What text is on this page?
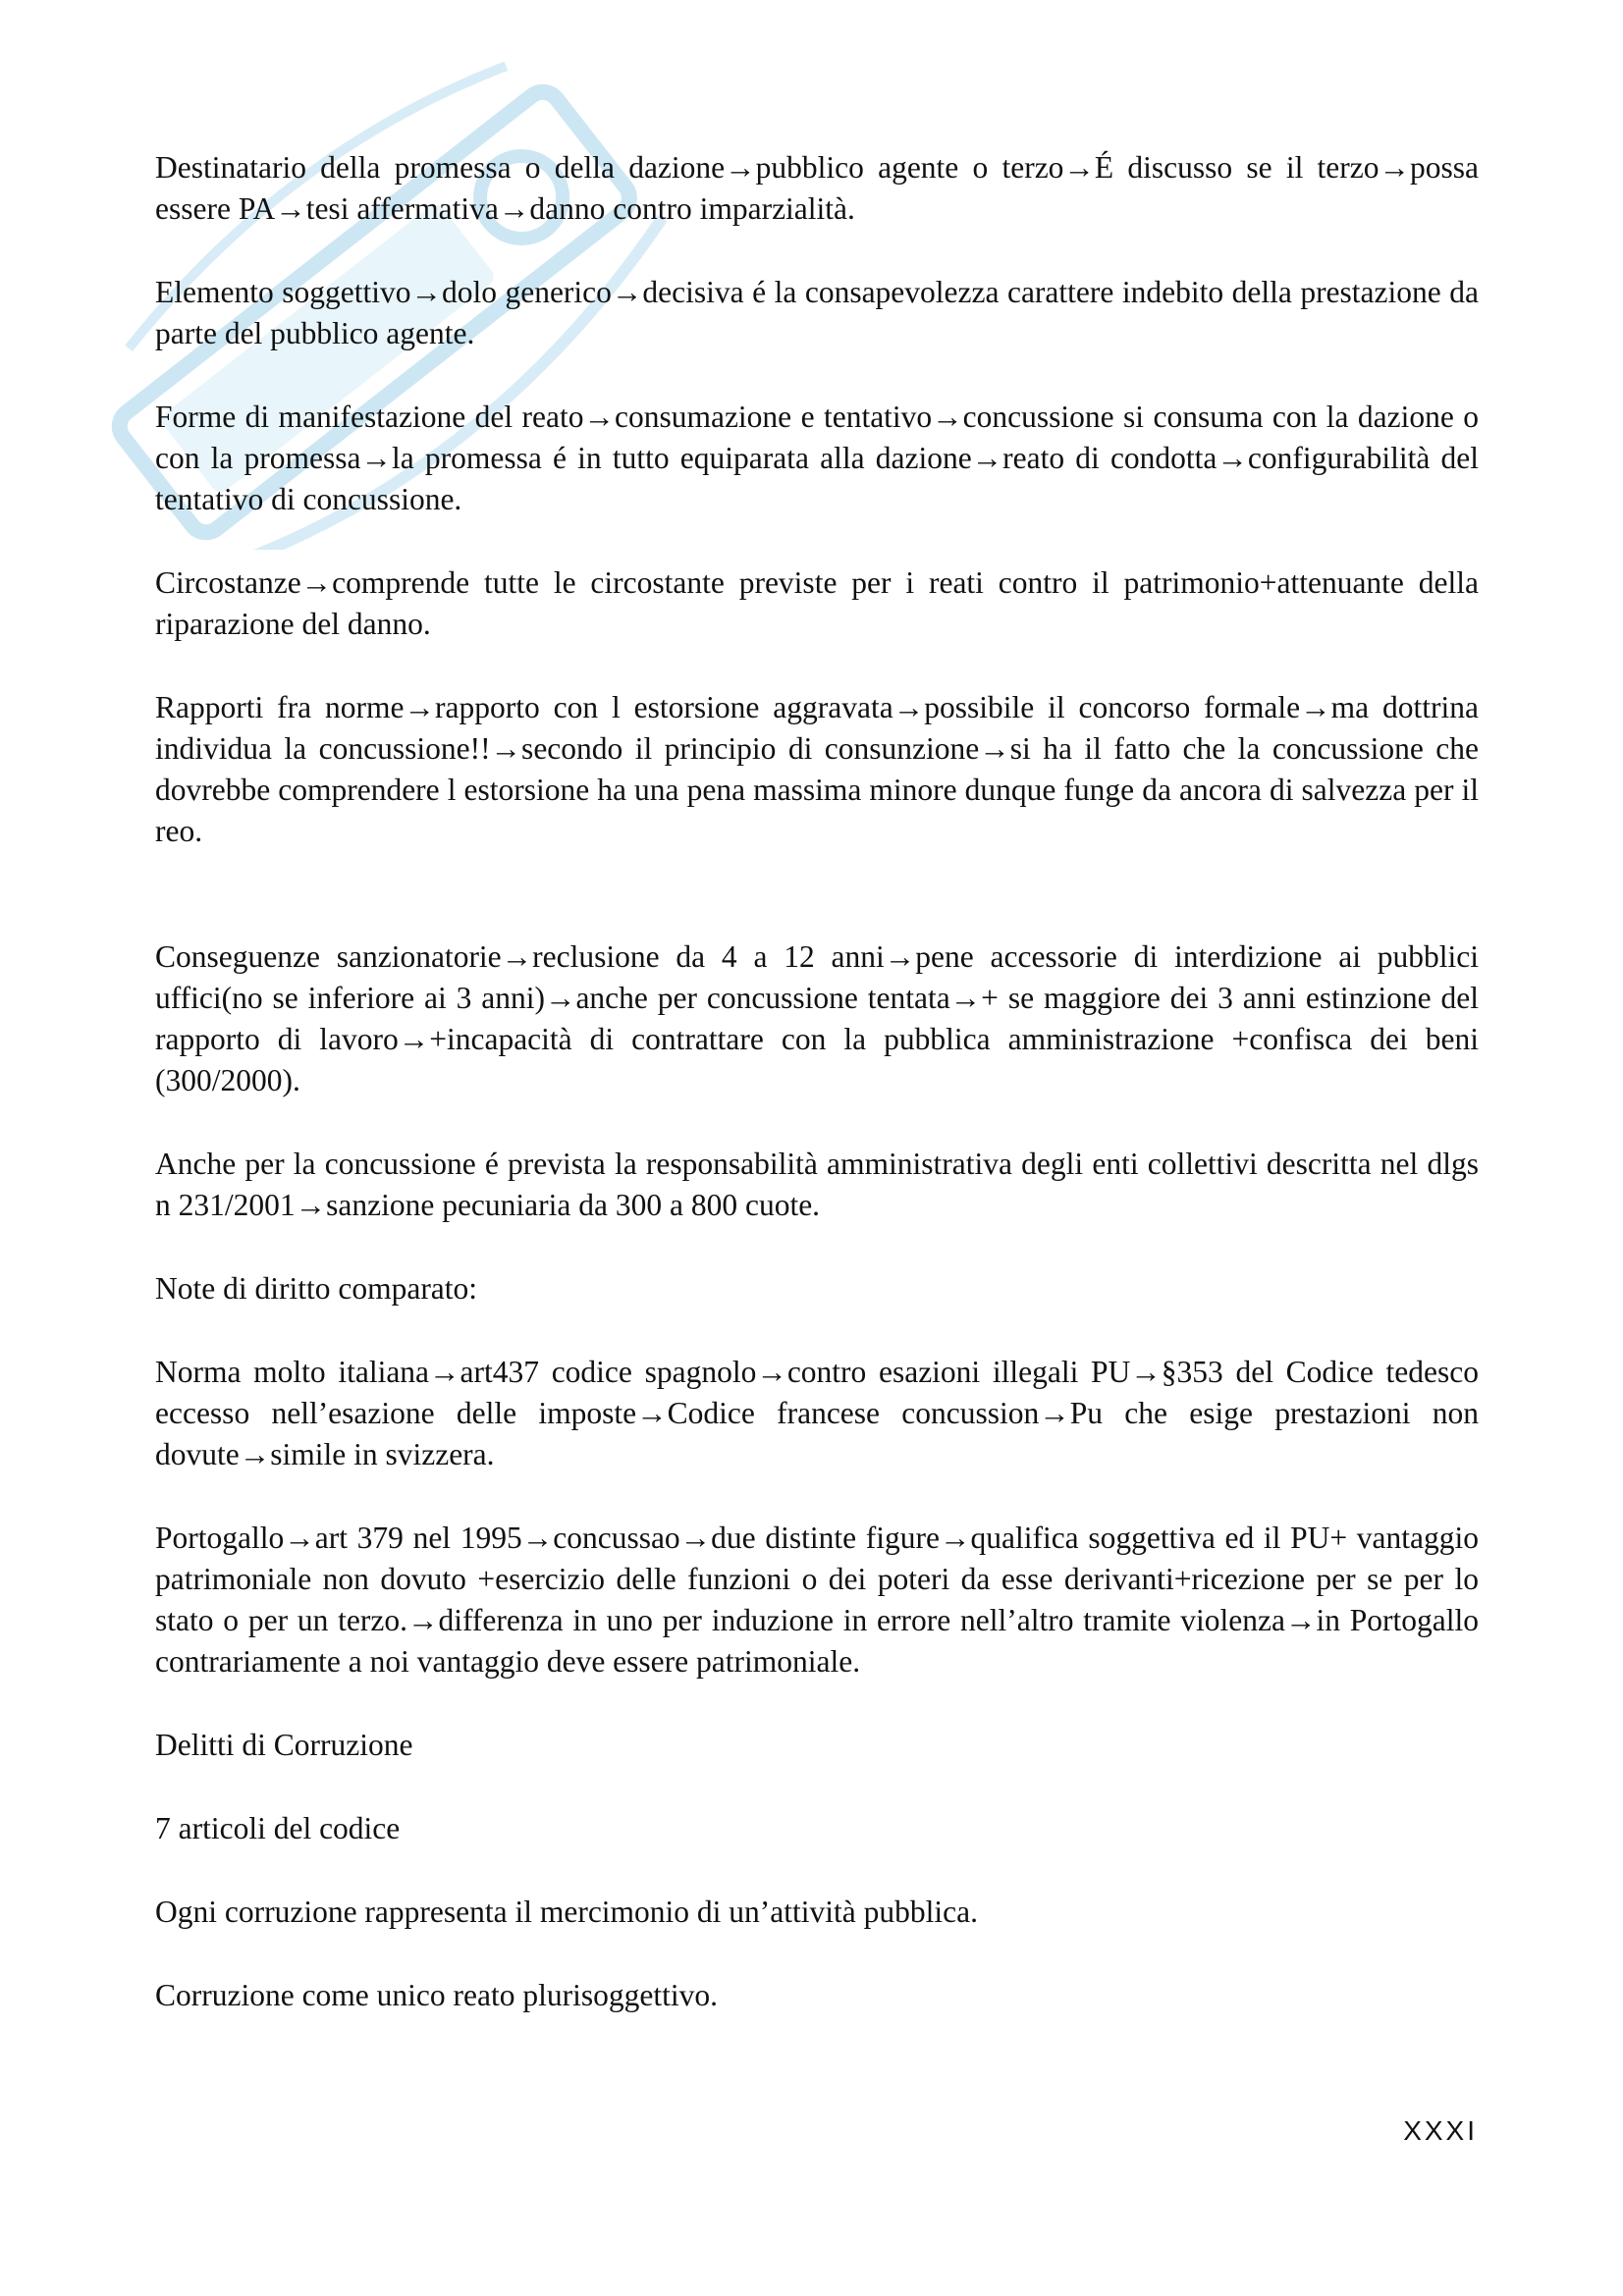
Destinatario della promessa o della dazione→pubblico agente o terzo→É discusso se il terzo→possa essere PA→tesi affermativa→danno contro imparzialità.

Elemento soggettivo→dolo generico→decisiva é la consapevolezza carattere indebito della prestazione da parte del pubblico agente.

Forme di manifestazione del reato→consumazione e tentativo→concussione si consuma con la dazione o con la promessa→la promessa é in tutto equiparata alla dazione→reato di condotta→configurabilità del tentativo di concussione.

Circostanze→comprende tutte le circostante previste per i reati contro il patrimonio+attenuante della riparazione del danno.

Rapporti fra norme→rapporto con l estorsione aggravata→possibile il concorso formale→ma dottrina individua la concussione!!→secondo il principio di consunzione→si ha il fatto che la concussione che dovrebbe comprendere l estorsione ha una pena massima minore dunque funge da ancora di salvezza per il reo.

Conseguenze sanzionatorie→reclusione da 4 a 12 anni→pene accessorie di interdizione ai pubblici uffici(no se inferiore ai 3 anni)→anche per concussione tentata→+ se maggiore dei 3 anni estinzione del rapporto di lavoro→+incapacità di contrattare con la pubblica amministrazione +confisca dei beni (300/2000).

Anche per la concussione é prevista la responsabilità amministrativa degli enti collettivi descritta nel dlgs n 231/2001→sanzione pecuniaria da 300 a 800 cuote.

Note di diritto comparato:

Norma molto italiana→art437 codice spagnolo→contro esazioni illegali PU→§353 del Codice tedesco eccesso nell’esazione delle imposte→Codice francese concussion→Pu che esige prestazioni non dovute→simile in svizzera.

Portogallo→art 379 nel 1995→concussao→due distinte figure→qualifica soggettiva ed il PU+ vantaggio patrimoniale non dovuto +esercizio delle funzioni o dei poteri da esse derivanti+ricezione per se per lo stato o per un terzo.→differenza in uno per induzione in errore nell’altro tramite violenza→in Portogallo contrariamente a noi vantaggio deve essere patrimoniale.

Delitti di Corruzione

7 articoli del codice

Ogni corruzione rappresenta il mercimonio di un’attività pubblica.

Corruzione come unico reato plurisoggettivo.

XXXI
